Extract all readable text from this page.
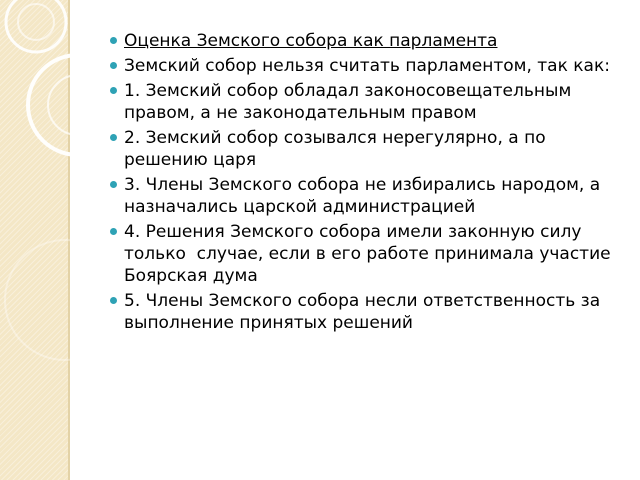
Оценка Земского собора как парламента
Земский собор нельзя считать парламентом, так как:
1. Земский собор обладал законосовещательным правом, а не законодательным правом
2. Земский собор созывался нерегулярно, а по решению царя
3. Члены Земского собора не избирались народом, а назначались царской администрацией
4. Решения Земского собора имели законную силу  только  случае, если в его работе принимала участие Боярская дума
5. Члены Земского собора несли ответственность за выполнение принятых решений
